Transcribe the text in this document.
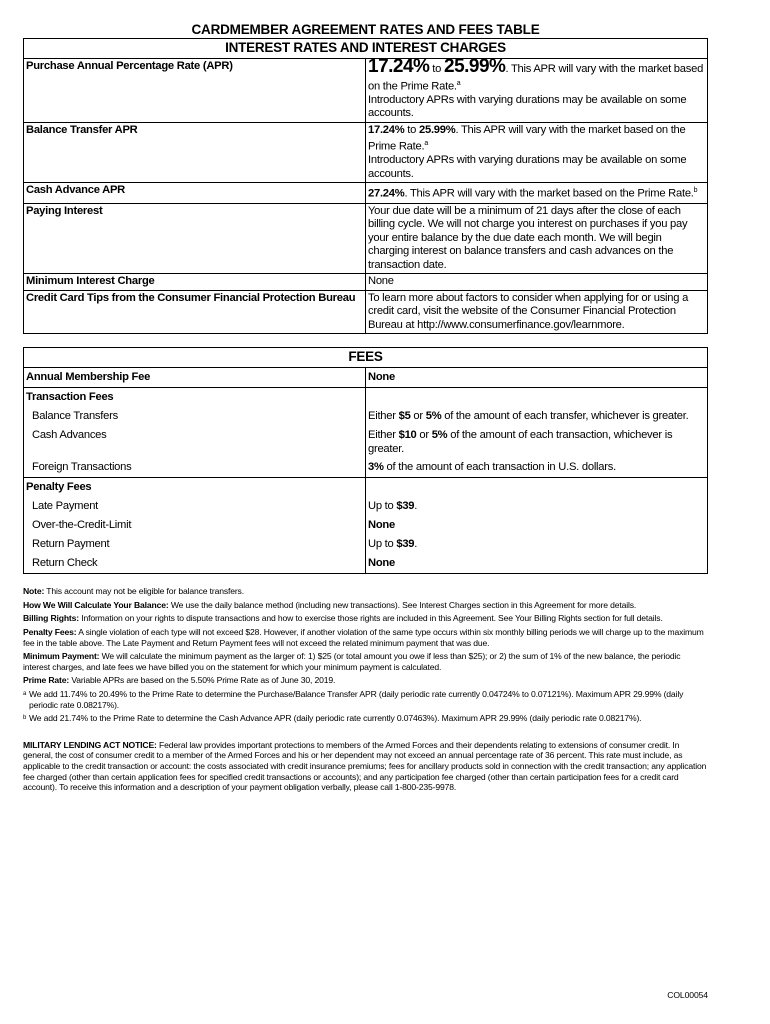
CARDMEMBER AGREEMENT RATES AND FEES TABLE
INTEREST RATES AND INTEREST CHARGES	
Purchase Annual Percentage Rate (APR)	17.24% to 25.99%. This APR will vary with the market based on the Prime Rate.$^a$
Introductory APRs with varying durations may be available on some accounts.
Balance Transfer APR	17.24% to 25.99%. This APR will vary with the market based on the Prime Rate.$^a$
Introductory APRs with varying durations may be available on some accounts.
Cash Advance APR	27.24%. This APR will vary with the market based on the Prime Rate.$^b$
Paying Interest	Your due date will be a minimum of 21 days after the close of each billing cycle. We will not charge you interest on purchases if you pay your entire balance by the due date each month. We will begin charging interest on balance transfers and cash advances on the transaction date.
Minimum Interest Charge	None
Credit Card Tips from the Consumer Financial Protection Bureau	To learn more about factors to consider when applying for or using a credit card, visit the website of the Consumer Financial Protection Bureau at http://www.consumerfinance.gov/learnmore.
FEES	
Annual Membership Fee	None
Transaction Fees	
Balance Transfers	Either $5 or 5% of the amount of each transfer, whichever is greater.
Cash Advances	Either $10 or 5% of the amount of each transaction, whichever is greater.
Foreign Transactions	3% of the amount of each transaction in U.S. dollars.
Penalty Fees	
Late Payment	Up to $39.
Over-the-Credit-Limit	None
Return Payment	Up to $39.
Return Check	None

Note: This account may not be eligible for balance transfers.

How We Will Calculate Your Balance: We use the daily balance method (including new transactions). See Interest Charges section in this Agreement for more details.

Billing Rights: Information on your rights to dispute transactions and how to exercise those rights are included in this Agreement. See Your Billing Rights section for full details.

Penalty Fees: A single violation of each type will not exceed $28. However, if another violation of the same type occurs within six monthly billing periods we will charge up to the maximum fee in the table above. The Late Payment and Return Payment fees will not exceed the related minimum payment that was due.

Minimum Payment: We will calculate the minimum payment as the larger of: 1) $25 (or total amount you owe if less than $25); or 2) the sum of 1% of the new balance, the periodic interest charges, and late fees we have billed you on the statement for which your minimum payment is calculated.

Prime Rate: Variable APRs are based on the 5.50% Prime Rate as of June 30, 2019.

a We add 11.74% to 20.49% to the Prime Rate to determine the Purchase/Balance Transfer APR (daily periodic rate currently 0.04724% to 0.07121%). Maximum APR 29.99% (daily periodic rate 0.08217%).

b We add 21.74% to the Prime Rate to determine the Cash Advance APR (daily periodic rate currently 0.07463%). Maximum APR 29.99% (daily periodic rate 0.08217%).

MILITARY LENDING ACT NOTICE: Federal law provides important protections to members of the Armed Forces and their dependents relating to extensions of consumer credit. In general, the cost of consumer credit to a member of the Armed Forces and his or her dependent may not exceed an annual percentage rate of 36 percent. This rate must include, as applicable to the credit transaction or account: the costs associated with credit insurance premiums; fees for ancillary products sold in connection with the credit transaction; any application fee charged (other than certain application fees for specified credit transactions or accounts); and any participation fee charged (other than certain participation fees for a credit card account). To receive this information and a description of your payment obligation verbally, please call 1-800-235-9978.
COL00054
